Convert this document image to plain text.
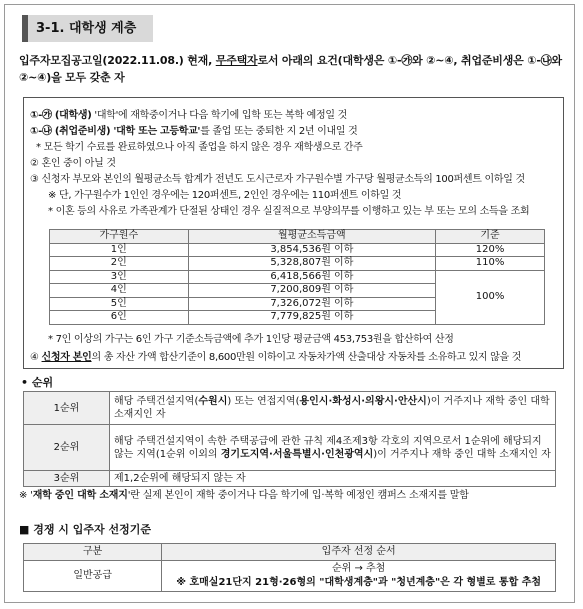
3-1. 대학생 계층
입주자모집공고일(2022.11.08.) 현재, 무주택자로서 아래의 요건(대학생은 ①-㉮와 ②~④, 취업준비생은 ①-㉯와
②~④)을 모두 갖춘 자
①-㉮ (대학생) '대학'에 재학중이거나 다음 학기에 입학 또는 복학 예정일 것
①-㉯ (취업준비생) '대학 또는 고등학교'를 졸업 또는 중퇴한 지 2년 이내일 것
* 모든 학기 수료를 완료하였으나 아직 졸업을 하지 않은 경우 재학생으로 간주
② 혼인 중이 아닐 것
③ 신청자 부모와 본인의 월평균소득 합계가 전년도 도시근로자 가구원수별 가구당 월평균소득의 100퍼센트 이하일 것
※ 단, 가구원수가 1인인 경우에는 120퍼센트, 2인인 경우에는 110퍼센트 이하일 것
* 이혼 등의 사유로 가족관계가 단절된 상태인 경우 실질적으로 부양의무를 이행하고 있는 부 또는 모의 소득을 조회
가구원수	월평균소득금액	기준
1인	3,854,536원 이하	120%
2인	5,328,807원 이하	110%
3인	6,418,566원 이하	100%
4인	7,200,809원 이하	
5인	7,326,072원 이하	
6인	7,779,825원 이하	
* 7인 이상의 가구는 6인 가구 기준소득금액에 추가 1인당 평균금액 453,753원을 합산하여 산정
④ 신청자 본인의 총 자산 가액 합산기준이 8,600만원 이하이고 자동차가액 산출대상 자동차를 소유하고 있지 않을 것
• 순위
1순위	해당 주택건설지역(수원시) 또는 연접지역(용인시·화성시·의왕시·안산시)이 거주지나 재학 중인 대학 소재지인 자
2순위	해당 주택건설지역이 속한 주택공급에 관한 규칙 제4조제3항 각호의 지역으로서 1순위에 해당되지 않는 지역(1순위 이외의 경기도지역·서울특별시·인천광역시)이 거주지나 재학 중인 대학 소재지인 자
3순위	제1,2순위에 해당되지 않는 자
※ '재학 중인 대학 소재지'란 실제 본인이 재학 중이거나 다음 학기에 입·복학 예정인 캠퍼스 소재지를 말함
■ 경쟁 시 입주자 선정기준
구분	입주자 선정 순서
일반공급	순위 → 추첨
※ 호매실21단지 21형·26형의 "대학생계층"과 "청년계층"은 각 형별로 통합 추첨
